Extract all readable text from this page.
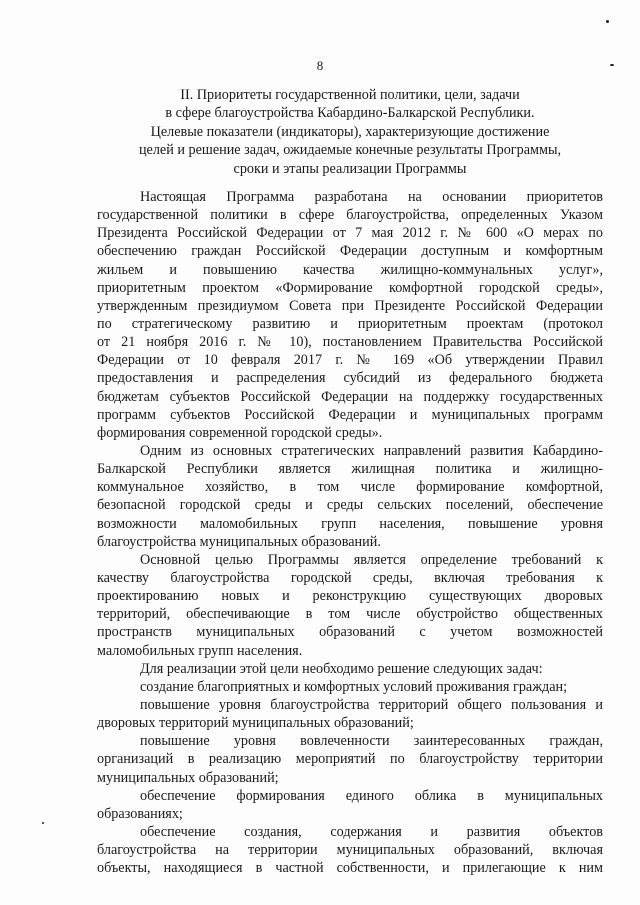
8
II. Приоритеты государственной политики, цели, задачи
в сфере благоустройства Кабардино-Балкарской Республики.
Целевые показатели (индикаторы), характеризующие достижение
целей и решение задач, ожидаемые конечные результаты Программы,
сроки и этапы реализации Программы
Настоящая Программа разработана на основании приоритетов
государственной политики в сфере благоустройства, определенных Указом
Президента Российской Федерации от 7 мая 2012 г. № 600 «О мерах по
обеспечению граждан Российской Федерации доступным и комфортным
жильем и повышению качества жилищно-коммунальных услуг»,
приоритетным проектом «Формирование комфортной городской среды»,
утвержденным президиумом Совета при Президенте Российской Федерации
по стратегическому развитию и приоритетным проектам (протокол
от 21 ноября 2016 г. № 10), постановлением Правительства Российской
Федерации от 10 февраля 2017 г. № 169 «Об утверждении Правил
предоставления и распределения субсидий из федерального бюджета
бюджетам субъектов Российской Федерации на поддержку государственных
программ субъектов Российской Федерации и муниципальных программ
формирования современной городской среды».
Одним из основных стратегических направлений развития Кабардино-
Балкарской Республики является жилищная политика и жилищно-
коммунальное хозяйство, в том числе формирование комфортной,
безопасной городской среды и среды сельских поселений, обеспечение
возможности маломобильных групп населения, повышение уровня
благоустройства муниципальных образований.
Основной целью Программы является определение требований к
качеству благоустройства городской среды, включая требования к
проектированию новых и реконструкцию существующих дворовых
территорий, обеспечивающие в том числе обустройство общественных
пространств муниципальных образований с учетом возможностей
маломобильных групп населения.
Для реализации этой цели необходимо решение следующих задач:
создание благоприятных и комфортных условий проживания граждан;
повышение уровня благоустройства территорий общего пользования и
дворовых территорий муниципальных образований;
повышение уровня вовлеченности заинтересованных граждан,
организаций в реализацию мероприятий по благоустройству территории
муниципальных образований;
обеспечение формирования единого облика в муниципальных
образованиях;
обеспечение создания, содержания и развития объектов
благоустройства на территории муниципальных образований, включая
объекты, находящиеся в частной собственности, и прилегающие к ним
